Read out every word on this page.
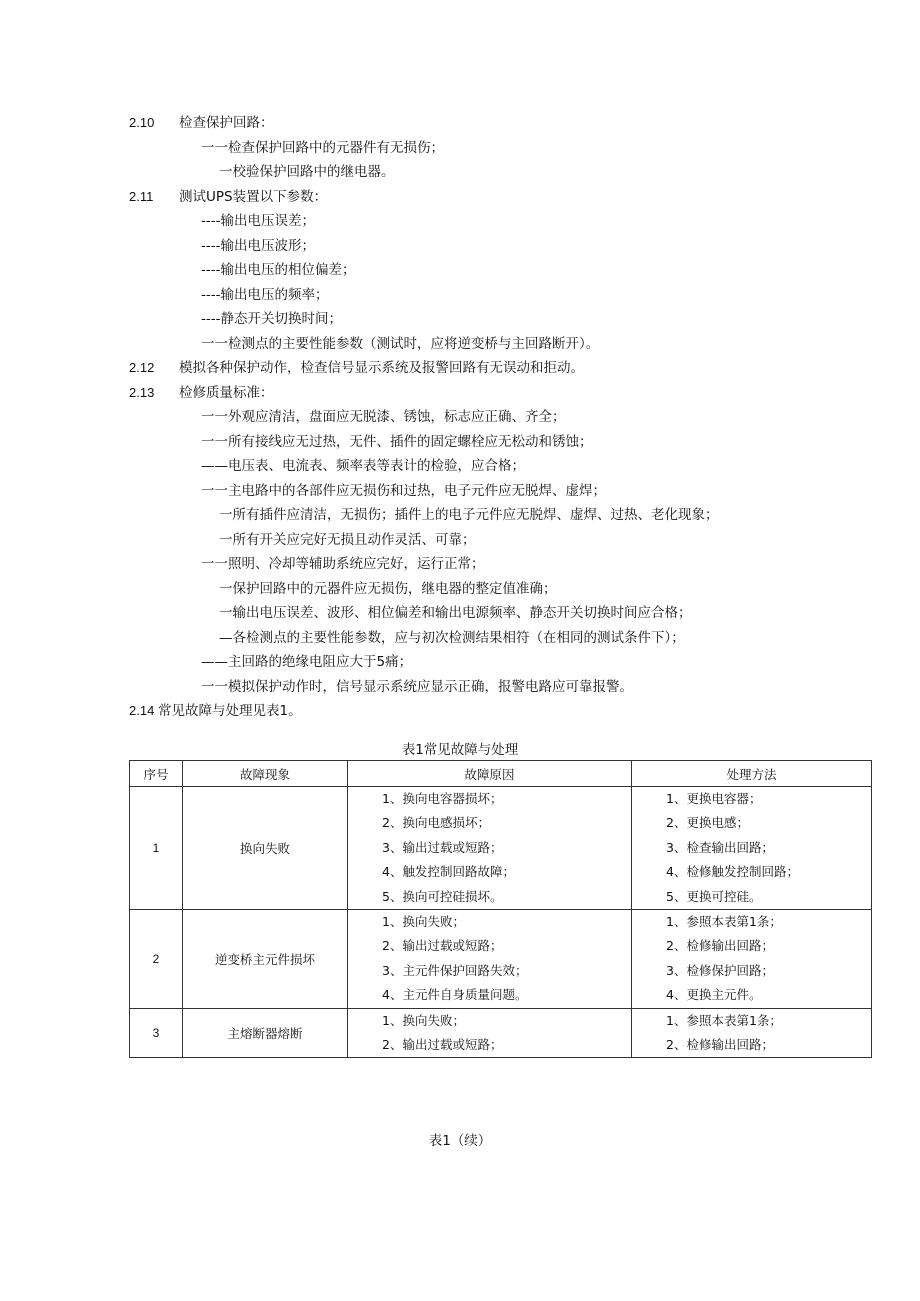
2.10 检查保护回路：
一一检查保护回路中的元器件有无损伤；
一校验保护回路中的继电器。
2.11 测试UPS装置以下参数：
----输出电压误差；
----输出电压波形；
----输出电压的相位偏差；
----输出电压的频率；
----静态开关切换时间；
一一检测点的主要性能参数（测试时，应将逆变桥与主回路断开）。
2.12 模拟各种保护动作，检查信号显示系统及报警回路有无误动和拒动。
2.13 检修质量标准：
一一外观应清洁，盘面应无脱漆、锈蚀，标志应正确、齐全；
一一所有接线应无过热，无件、插件的固定螺栓应无松动和锈蚀；
——电压表、电流表、频率表等表计的检验，应合格；
一一主电路中的各部件应无损伤和过热，电子元件应无脱焊、虚焊；
一所有插件应清洁，无损伤；插件上的电子元件应无脱焊、虚焊、过热、老化现象；
一所有开关应完好无损且动作灵活、可靠；
一一照明、冷却等辅助系统应完好，运行正常；
一保护回路中的元器件应无损伤，继电器的整定值准确；
一输出电压误差、波形、相位偏差和输出电源频率、静态开关切换时间应合格；
—各检测点的主要性能参数，应与初次检测结果相符（在相同的测试条件下）；
——主回路的绝缘电阻应大于5痛；
一一模拟保护动作时，信号显示系统应显示正确，报警电路应可靠报警。
2.14 常见故障与处理见表1。
表1常见故障与处理
序号	故障现象	故障原因	处理方法
1	换向失败	1、换向电容器损坏；
2、换向电感损坏；
3、输出过载或短路；
4、触发控制回路故障；
5、换向可控硅损坏。	1、更换电容器；
2、更换电感；
3、检查输出回路；
4、检修触发控制回路；
5、更换可控硅。

2	逆变桥主元件损坏	1、换向失败；
2、输出过载或短路；
3、主元件保护回路失效；
4、主元件自身质量问题。	1、参照本表第1条；
2、检修输出回路；
3、检修保护回路；
4、更换主元件。

3	主熔断器熔断	1、换向失败；
2、输出过载或短路；	1、参照本表第1条；
2、检修输出回路；
表1（续）
